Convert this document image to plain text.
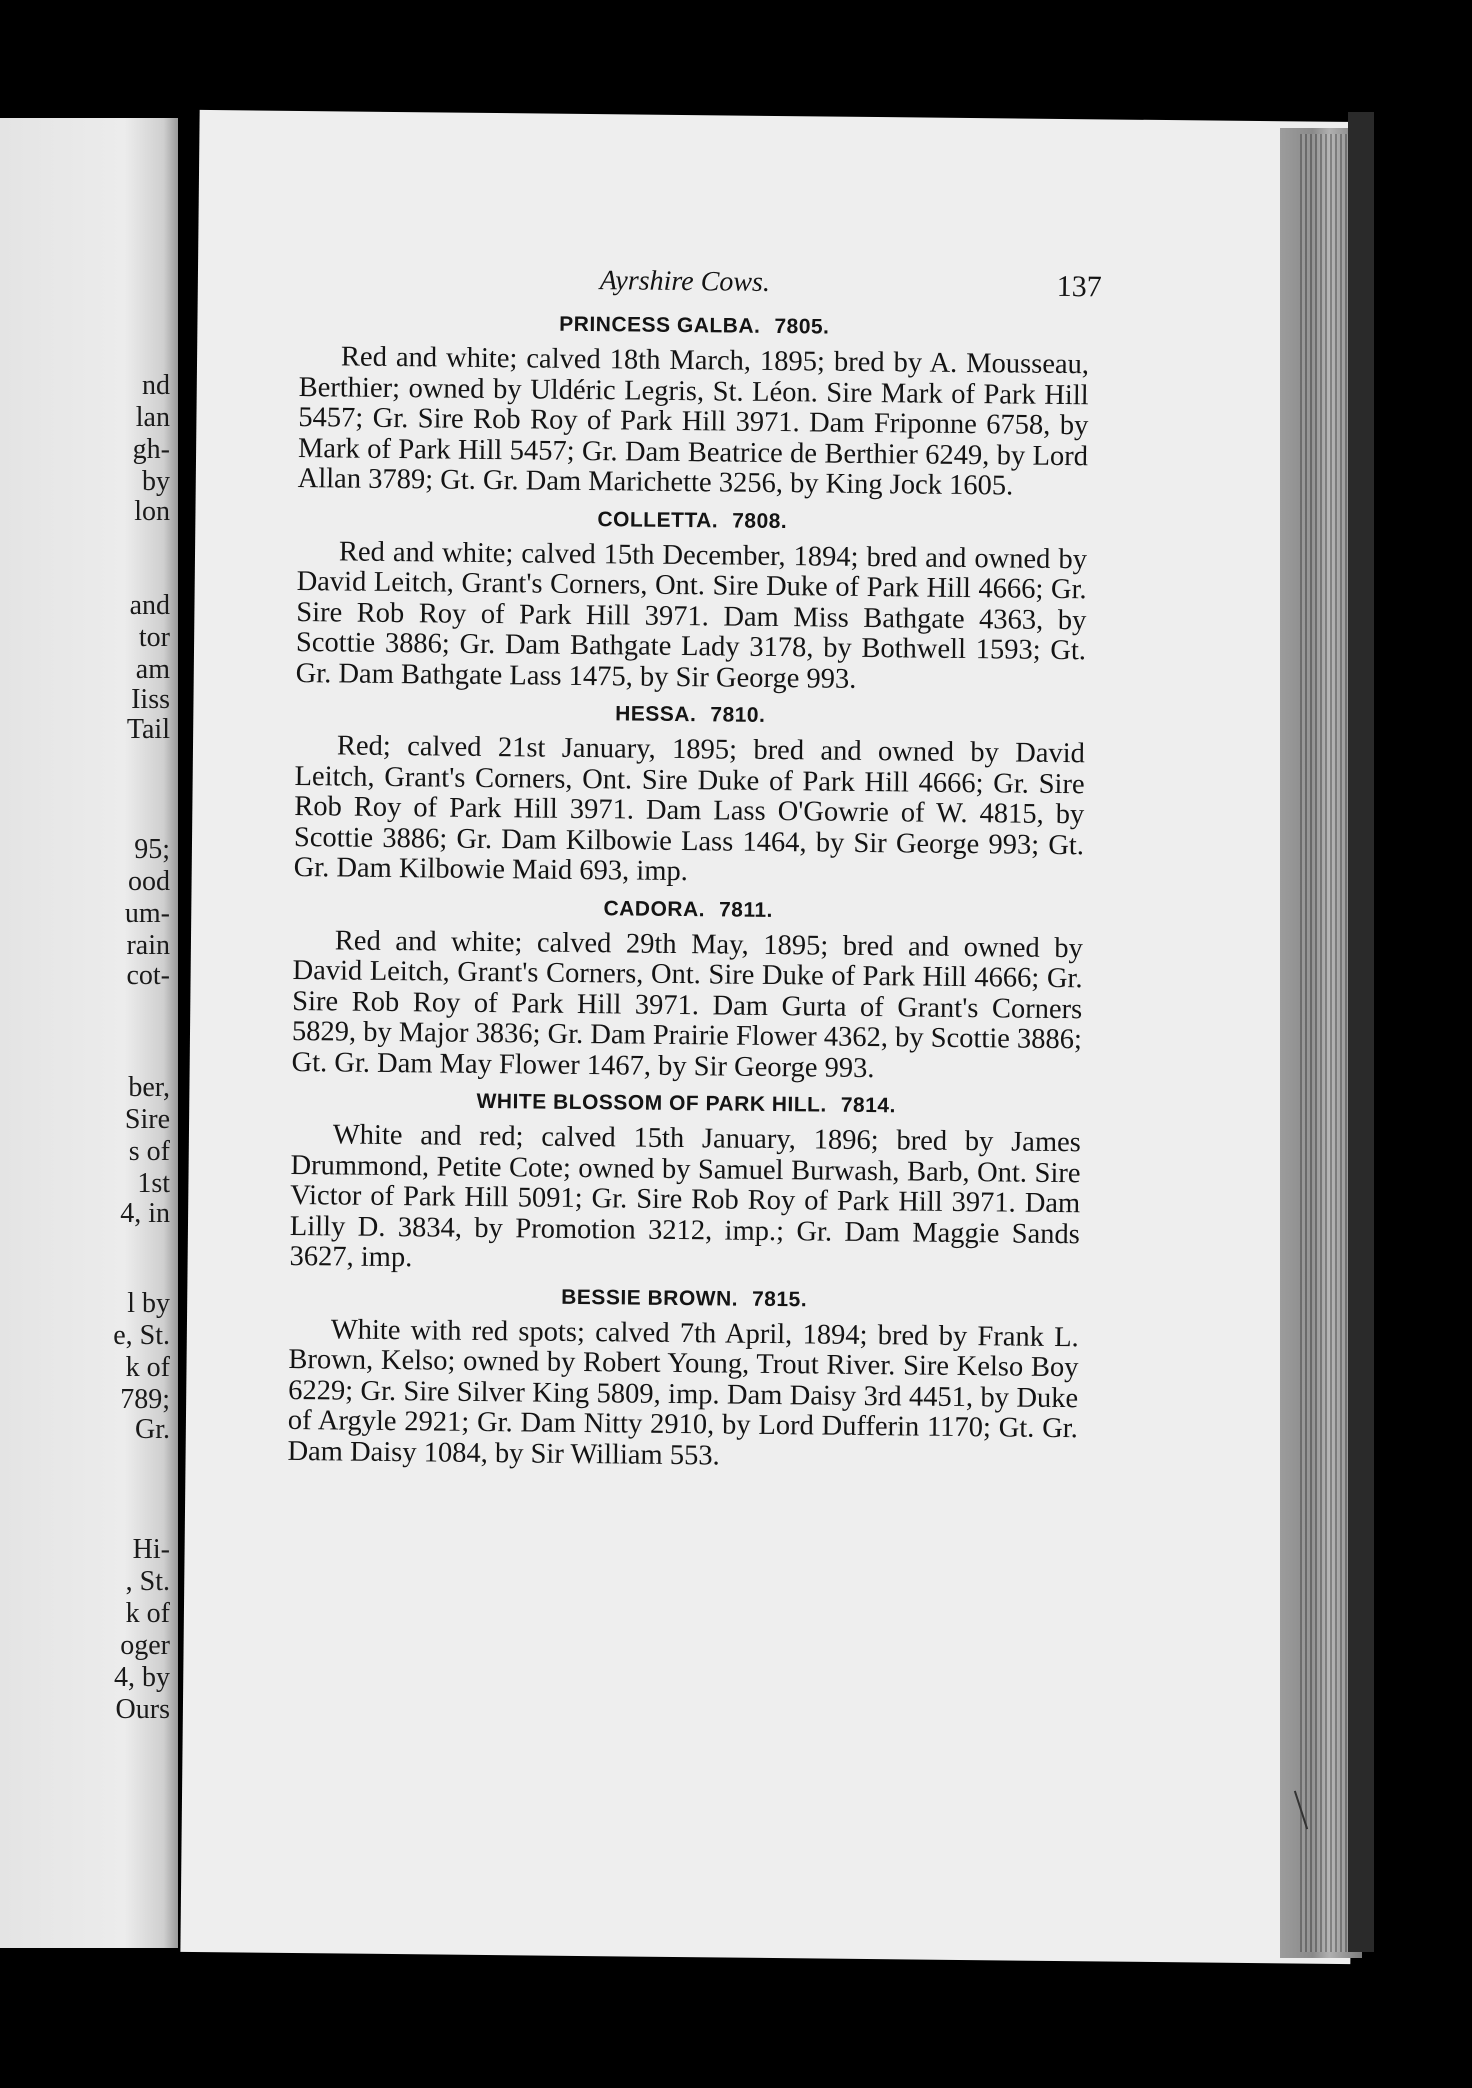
nd
lan
gh-
by
lon
and
tor
am
Iiss
Tail
95;
ood
um-
rain
cot-
ber,
Sire
s of
1st
4, in
l by
e, St.
k of
789;
Gr.
Hi-
, St.
k of
oger
4, by
Ours
Ayrshire Cows.	137
PRINCESS GALBA. 7805.

Red and white; calved 18th March, 1895; bred by A. Mousseau, Berthier; owned by Uldéric Legris, St. Léon. Sire Mark of Park Hill 5457; Gr. Sire Rob Roy of Park Hill 3971. Dam Friponne 6758, by Mark of Park Hill 5457; Gr. Dam Beatrice de Berthier 6249, by Lord Allan 3789; Gt. Gr. Dam Marichette 3256, by King Jock 1605.

COLLETTA. 7808.

Red and white; calved 15th December, 1894; bred and owned by David Leitch, Grant's Corners, Ont. Sire Duke of Park Hill 4666; Gr. Sire Rob Roy of Park Hill 3971. Dam Miss Bathgate 4363, by Scottie 3886; Gr. Dam Bathgate Lady 3178, by Bothwell 1593; Gt. Gr. Dam Bathgate Lass 1475, by Sir George 993.

HESSA. 7810.

Red; calved 21st January, 1895; bred and owned by David Leitch, Grant's Corners, Ont. Sire Duke of Park Hill 4666; Gr. Sire Rob Roy of Park Hill 3971. Dam Lass O'Gowrie of W. 4815, by Scottie 3886; Gr. Dam Kilbowie Lass 1464, by Sir George 993; Gt. Gr. Dam Kilbowie Maid 693, imp.

CADORA. 7811.

Red and white; calved 29th May, 1895; bred and owned by David Leitch, Grant's Corners, Ont. Sire Duke of Park Hill 4666; Gr. Sire Rob Roy of Park Hill 3971. Dam Gurta of Grant's Corners 5829, by Major 3836; Gr. Dam Prairie Flower 4362, by Scottie 3886; Gt. Gr. Dam May Flower 1467, by Sir George 993.

WHITE BLOSSOM OF PARK HILL. 7814.

White and red; calved 15th January, 1896; bred by James Drummond, Petite Cote; owned by Samuel Burwash, Barb, Ont. Sire Victor of Park Hill 5091; Gr. Sire Rob Roy of Park Hill 3971. Dam Lilly D. 3834, by Promotion 3212, imp.; Gr. Dam Maggie Sands 3627, imp.

BESSIE BROWN. 7815.

White with red spots; calved 7th April, 1894; bred by Frank L. Brown, Kelso; owned by Robert Young, Trout River. Sire Kelso Boy 6229; Gr. Sire Silver King 5809, imp. Dam Daisy 3rd 4451, by Duke of Argyle 2921; Gr. Dam Nitty 2910, by Lord Dufferin 1170; Gt. Gr. Dam Daisy 1084, by Sir William 553.
